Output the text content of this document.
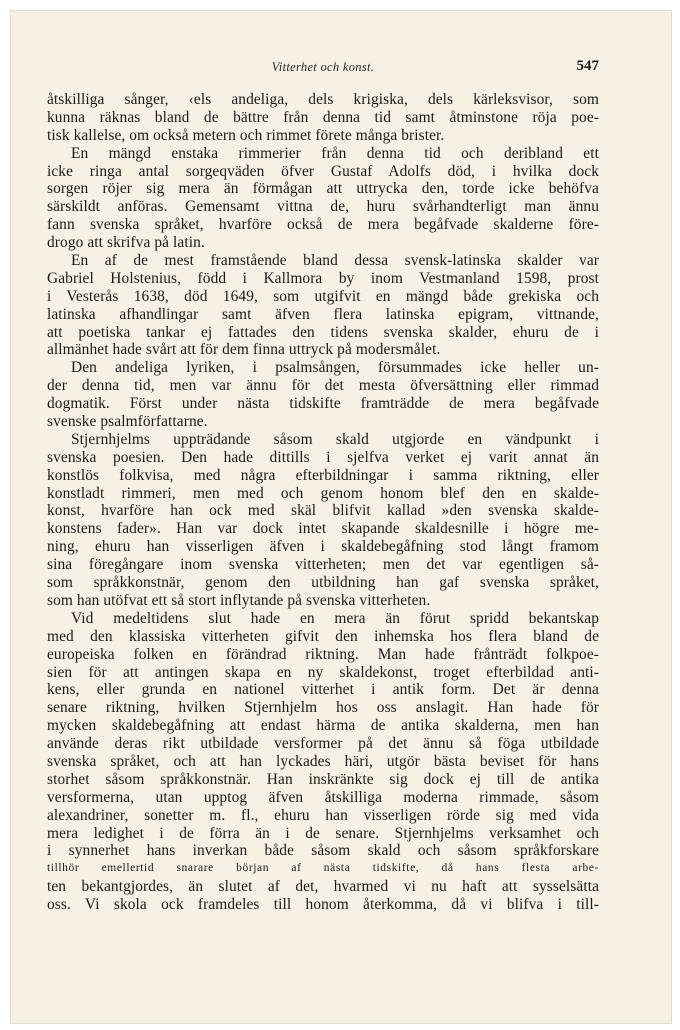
Vitterhet och konst.	547
åtskilliga sånger, ‹els andeliga, dels krigiska, dels kärleksvisor, som
kunna räknas bland de bättre från denna tid samt åtminstone röja poe-
tisk kallelse, om också metern och rimmet förete många brister.
En mängd enstaka rimmerier från denna tid och deribland ett
icke ringa antal sorgeqväden öfver Gustaf Adolfs död, i hvilka dock
sorgen röjer sig mera än förmågan att uttrycka den, torde icke behöfva
särskildt anföras. Gemensamt vittna de, huru svårhandterligt man ännu
fann svenska språket, hvarföre också de mera begåfvade skalderne före-
drogo att skrifva på latin.
En af de mest framstående bland dessa svensk-latinska skalder var
Gabriel Holstenius, född i Kallmora by inom Vestmanland 1598, prost
i Vesterås 1638, död 1649, som utgifvit en mängd både grekiska och
latinska afhandlingar samt äfven flera latinska epigram, vittnande,
att poetiska tankar ej fattades den tidens svenska skalder, ehuru de i
allmänhet hade svårt att för dem finna uttryck på modersmålet.
Den andeliga lyriken, i psalmsången, försummades icke heller un-
der denna tid, men var ännu för det mesta öfversättning eller rimmad
dogmatik. Först under nästa tidskifte framträdde de mera begåfvade
svenske psalmförfattarne.
Stjernhjelms uppträdande såsom skald utgjorde en vändpunkt i
svenska poesien. Den hade dittills i sjelfva verket ej varit annat än
konstlös folkvisa, med några efterbildningar i samma riktning, eller
konstladt rimmeri, men med och genom honom blef den en skalde-
konst, hvarföre han ock med skäl blifvit kallad »den svenska skalde-
konstens fader». Han var dock intet skapande skaldesnille i högre me-
ning, ehuru han visserligen äfven i skaldebegåfning stod långt framom
sina föregångare inom svenska vitterheten; men det var egentligen så-
som språkkonstnär, genom den utbildning han gaf svenska språket,
som han utöfvat ett så stort inflytande på svenska vitterheten.
Vid medeltidens slut hade en mera än förut spridd bekantskap
med den klassiska vitterheten gifvit den inhemska hos flera bland de
europeiska folken en förändrad riktning. Man hade frånträdt folkpoe-
sien för att antingen skapa en ny skaldekonst, troget efterbildad anti-
kens, eller grunda en nationel vitterhet i antik form. Det är denna
senare riktning, hvilken Stjernhjelm hos oss anslagit. Han hade för
mycken skaldebegåfning att endast härma de antika skalderna, men han
använde deras rikt utbildade versformer på det ännu så föga utbildade
svenska språket, och att han lyckades häri, utgör bästa beviset för hans
storhet såsom språkkonstnär. Han inskränkte sig dock ej till de antika
versformerna, utan upptog äfven åtskilliga moderna rimmade, såsom
alexandriner, sonetter m. fl., ehuru han visserligen rörde sig med vida
mera ledighet i de förra än i de senare. Stjernhjelms verksamhet och
i synnerhet hans inverkan både såsom skald och såsom språkforskare
tillhör emellertid snarare början af nästa tidskifte, då hans flesta arbe-
ten bekantgjordes, än slutet af det, hvarmed vi nu haft att sysselsätta
oss. Vi skola ock framdeles till honom återkomma, då vi blifva i till-
